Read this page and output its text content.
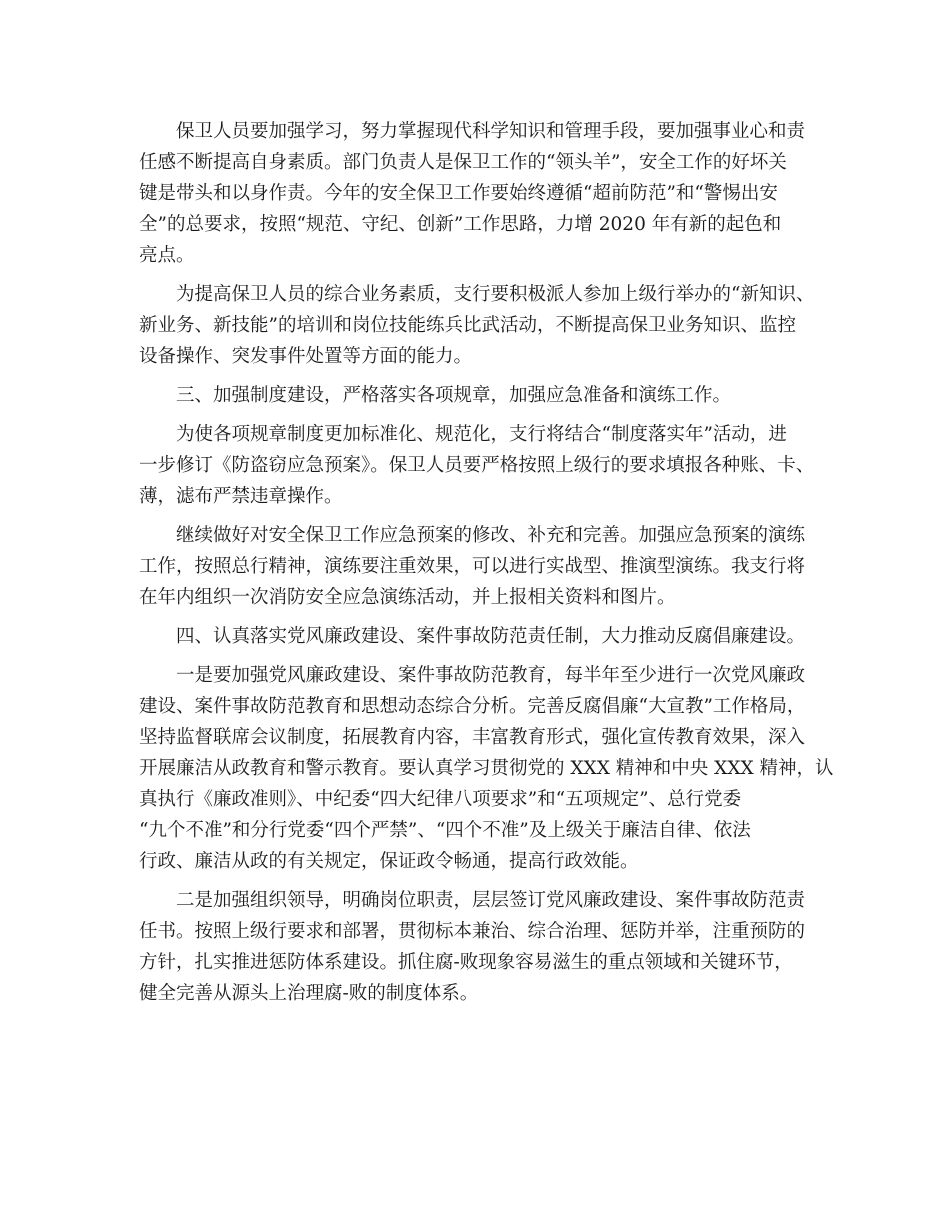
　　保卫人员要加强学习，努力掌握现代科学知识和管理手段，要加强事业心和责
任感不断提高自身素质。部门负责人是保卫工作的“领头羊”，安全工作的好坏关
键是带头和以身作责。今年的安全保卫工作要始终遵循“超前防范”和“警惕出安
全”的总要求，按照“规范、守纪、创新”工作思路，力增 2020 年有新的起色和
亮点。
　　为提高保卫人员的综合业务素质，支行要积极派人参加上级行举办的“新知识、
新业务、新技能”的培训和岗位技能练兵比武活动，不断提高保卫业务知识、监控
设备操作、突发事件处置等方面的能力。
　　三、加强制度建设，严格落实各项规章，加强应急准备和演练工作。
　　为使各项规章制度更加标准化、规范化，支行将结合“制度落实年”活动，进
一步修订《防盗窃应急预案》。保卫人员要严格按照上级行的要求填报各种账、卡、
薄，滤布严禁违章操作。
　　继续做好对安全保卫工作应急预案的修改、补充和完善。加强应急预案的演练
工作，按照总行精神，演练要注重效果，可以进行实战型、推演型演练。我支行将
在年内组织一次消防安全应急演练活动，并上报相关资料和图片。
　　四、认真落实党风廉政建设、案件事故防范责任制，大力推动反腐倡廉建设。
　　一是要加强党风廉政建设、案件事故防范教育，每半年至少进行一次党风廉政
建设、案件事故防范教育和思想动态综合分析。完善反腐倡廉“大宣教”工作格局，
坚持监督联席会议制度，拓展教育内容，丰富教育形式，强化宣传教育效果，深入
开展廉洁从政教育和警示教育。要认真学习贯彻党的 XXX 精神和中央 XXX 精神，认
真执行《廉政准则》、中纪委“四大纪律八项要求”和“五项规定”、总行党委
“九个不准”和分行党委“四个严禁”、“四个不准”及上级关于廉洁自律、依法
行政、廉洁从政的有关规定，保证政令畅通，提高行政效能。
　　二是加强组织领导，明确岗位职责，层层签订党风廉政建设、案件事故防范责
任书。按照上级行要求和部署，贯彻标本兼治、综合治理、惩防并举，注重预防的
方针，扎实推进惩防体系建设。抓住腐-败现象容易滋生的重点领域和关键环节，
健全完善从源头上治理腐-败的制度体系。
